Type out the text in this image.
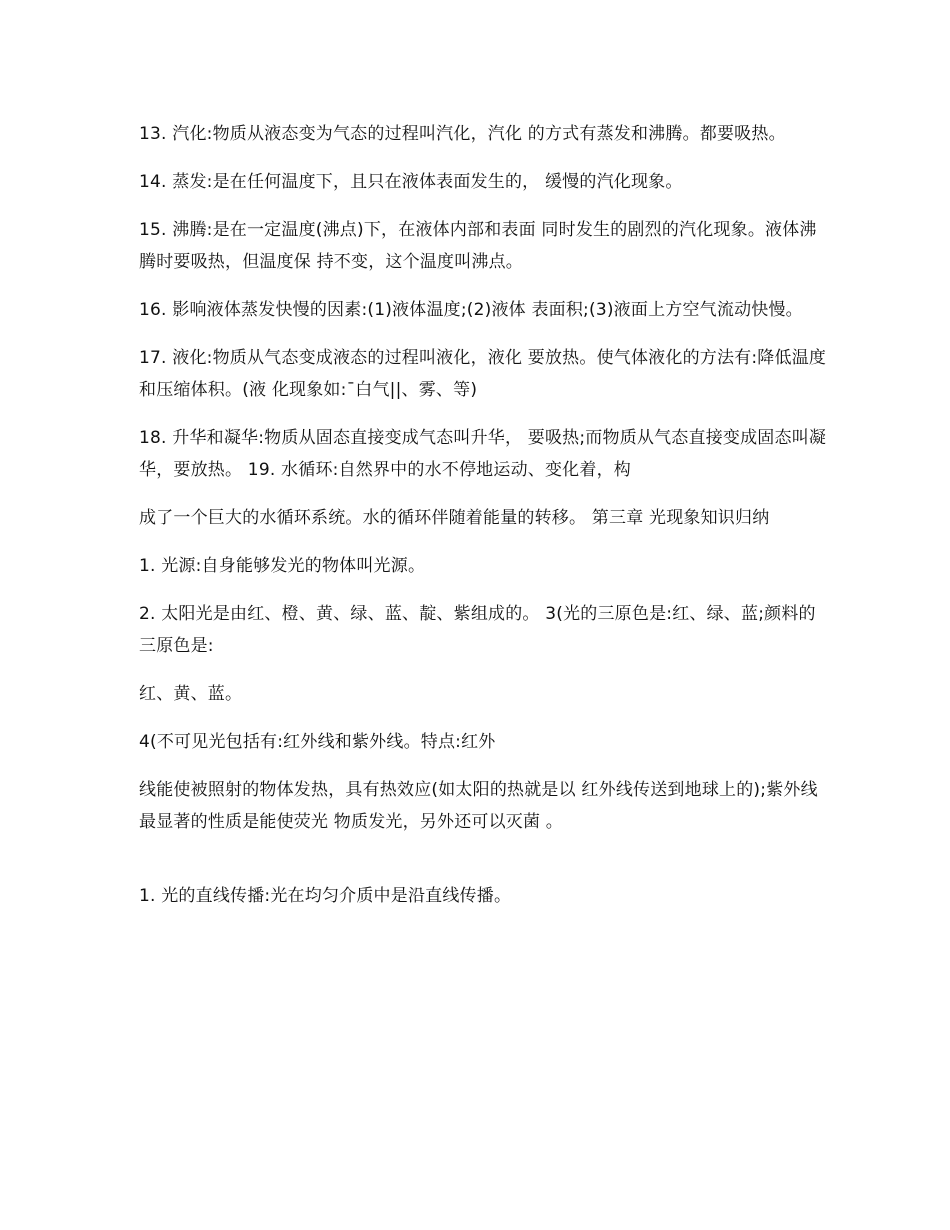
13. 汽化:物质从液态变为气态的过程叫汽化，汽化 的方式有蒸发和沸腾。都要吸热。

14. 蒸发:是在任何温度下，且只在液体表面发生的， 缓慢的汽化现象。

15. 沸腾:是在一定温度(沸点)下，在液体内部和表面 同时发生的剧烈的汽化现象。液体沸腾时要吸热，但温度保 持不变，这个温度叫沸点。

16. 影响液体蒸发快慢的因素:(1)液体温度;(2)液体 表面积;(3)液面上方空气流动快慢。

17. 液化:物质从气态变成液态的过程叫液化，液化 要放热。使气体液化的方法有:降低温度和压缩体积。(液 化现象如:¯白气||、雾、等)

18. 升华和凝华:物质从固态直接变成气态叫升华， 要吸热;而物质从气态直接变成固态叫凝华，要放热。 19. 水循环:自然界中的水不停地运动、变化着，构

成了一个巨大的水循环系统。水的循环伴随着能量的转移。 第三章 光现象知识归纳

1. 光源:自身能够发光的物体叫光源。

2. 太阳光是由红、橙、黄、绿、蓝、靛、紫组成的。 3(光的三原色是:红、绿、蓝;颜料的三原色是:

红、黄、蓝。

4(不可见光包括有:红外线和紫外线。特点:红外

线能使被照射的物体发热，具有热效应(如太阳的热就是以 红外线传送到地球上的);紫外线最显著的性质是能使荧光 物质发光，另外还可以灭菌 。

1. 光的直线传播:光在均匀介质中是沿直线传播。
